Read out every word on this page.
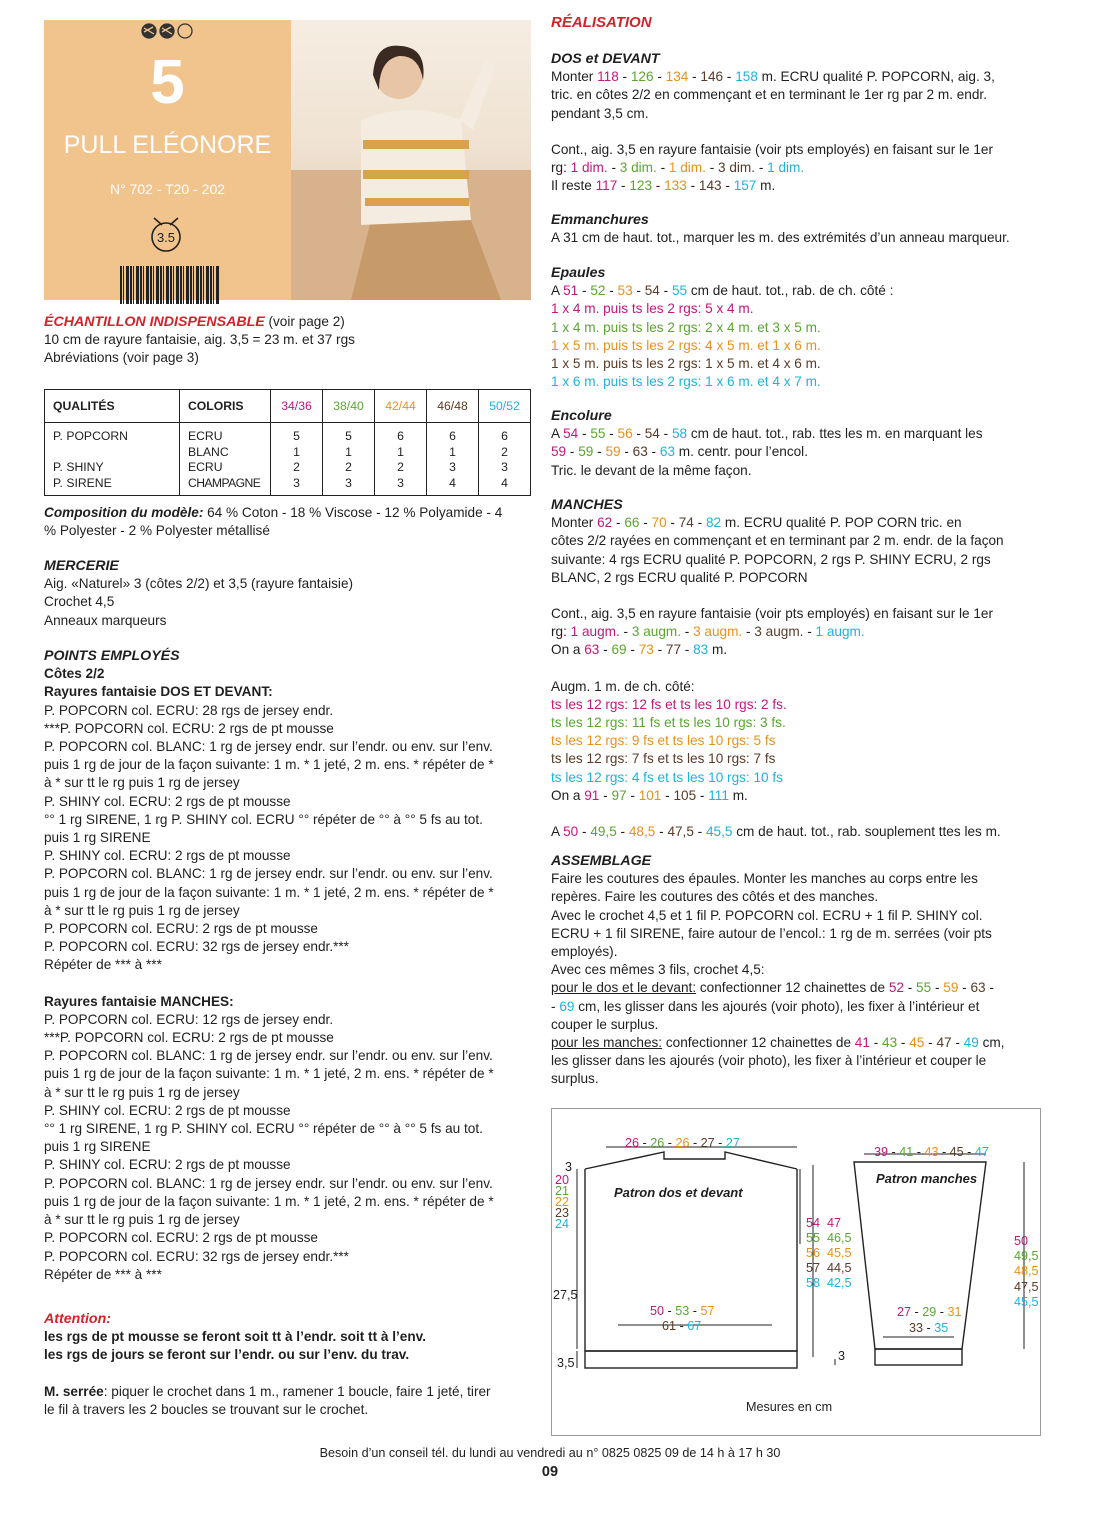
5
PULL ELÉONORE
N° 702 - T20 - 202
3.5

ÉCHANTILLON INDISPENSABLE (voir page 2)

10 cm de rayure fantaisie, aig. 3,5 = 23 m. et 37 rgs

Abréviations (voir page 3)

QUALITÉS	COLORIS	34/36	38/40	42/44	46/48	50/52
P. POPCORN	ECRU	5	5	6	6	6
	BLANC	1	1	1	1	2
P. SHINY	ECRU	2	2	2	3	3
P. SIRENE	CHAMPAGNE	3	3	3	4	4

Composition du modèle: 64 % Coton - 18 % Viscose - 12 % Polyamide - 4

% Polyester - 2 % Polyester métallisé

MERCERIE

Aig. «Naturel» 3 (côtes 2/2) et 3,5 (rayure fantaisie)

Crochet 4,5

Anneaux marqueurs

POINTS EMPLOYÉS

Côtes 2/2

Rayures fantaisie DOS ET DEVANT:

P. POPCORN col. ECRU: 28 rgs de jersey endr.

***P. POPCORN col. ECRU: 2 rgs de pt mousse

P. POPCORN col. BLANC: 1 rg de jersey endr. sur l’endr. ou env. sur l’env.

puis 1 rg de jour de la façon suivante: 1 m. * 1 jeté, 2 m. ens. * répéter de *

à * sur tt le rg puis 1 rg de jersey

P. SHINY col. ECRU: 2 rgs de pt mousse

°° 1 rg SIRENE, 1 rg P. SHINY col. ECRU °° répéter de °° à °° 5 fs au tot.

puis 1 rg SIRENE

P. SHINY col. ECRU: 2 rgs de pt mousse

P. POPCORN col. BLANC: 1 rg de jersey endr. sur l’endr. ou env. sur l’env.

puis 1 rg de jour de la façon suivante: 1 m. * 1 jeté, 2 m. ens. * répéter de *

à * sur tt le rg puis 1 rg de jersey

P. POPCORN col. ECRU: 2 rgs de pt mousse

P. POPCORN col. ECRU: 32 rgs de jersey endr.***

Répéter de *** à ***

Rayures fantaisie MANCHES:

P. POPCORN col. ECRU: 12 rgs de jersey endr.

***P. POPCORN col. ECRU: 2 rgs de pt mousse

P. POPCORN col. BLANC: 1 rg de jersey endr. sur l’endr. ou env. sur l’env.

puis 1 rg de jour de la façon suivante: 1 m. * 1 jeté, 2 m. ens. * répéter de *

à * sur tt le rg puis 1 rg de jersey

P. SHINY col. ECRU: 2 rgs de pt mousse

°° 1 rg SIRENE, 1 rg P. SHINY col. ECRU °° répéter de °° à °° 5 fs au tot.

puis 1 rg SIRENE

P. SHINY col. ECRU: 2 rgs de pt mousse

P. POPCORN col. BLANC: 1 rg de jersey endr. sur l’endr. ou env. sur l’env.

puis 1 rg de jour de la façon suivante: 1 m. * 1 jeté, 2 m. ens. * répéter de *

à * sur tt le rg puis 1 rg de jersey

P. POPCORN col. ECRU: 2 rgs de pt mousse

P. POPCORN col. ECRU: 32 rgs de jersey endr.***

Répéter de *** à ***

Attention:

les rgs de pt mousse se feront soit tt à l’endr. soit tt à l’env.

les rgs de jours se feront sur l’endr. ou sur l’env. du trav.

M. serrée: piquer le crochet dans 1 m., ramener 1 boucle, faire 1 jeté, tirer

le fil à travers les 2 boucles se trouvant sur le crochet.

RÉALISATION

DOS et DEVANT

Monter 118 - 126 - 134 - 146 - 158 m. ECRU qualité P. POPCORN, aig. 3,

tric. en côtes 2/2 en commençant et en terminant le 1er rg par 2 m. endr.

pendant 3,5 cm.

Cont., aig. 3,5 en rayure fantaisie (voir pts employés) en faisant sur le 1er

rg: 1 dim. - 3 dim. - 1 dim. - 3 dim. - 1 dim.

Il reste 117 - 123 - 133 - 143 - 157 m.

Emmanchures

A 31 cm de haut. tot., marquer les m. des extrémités d’un anneau marqueur.

Epaules

A 51 - 52 - 53 - 54 - 55 cm de haut. tot., rab. de ch. côté :

1 x 4 m. puis ts les 2 rgs: 5 x 4 m.

1 x 4 m. puis ts les 2 rgs: 2 x 4 m. et 3 x 5 m.

1 x 5 m. puis ts les 2 rgs: 4 x 5 m. et 1 x 6 m.

1 x 5 m. puis ts les 2 rgs: 1 x 5 m. et 4 x 6 m.

1 x 6 m. puis ts les 2 rgs: 1 x 6 m. et 4 x 7 m.

Encolure

A 54 - 55 - 56 - 54 - 58 cm de haut. tot., rab. ttes les m. en marquant les

59 - 59 - 59 - 63 - 63 m. centr. pour l’encol.

Tric. le devant de la même façon.

MANCHES

Monter 62 - 66 - 70 - 74 - 82 m. ECRU qualité P. POP CORN tric. en

côtes 2/2 rayées en commençant et en terminant par 2 m. endr. de la façon

suivante: 4 rgs ECRU qualité P. POPCORN, 2 rgs P. SHINY ECRU, 2 rgs

BLANC, 2 rgs ECRU qualité P. POPCORN

Cont., aig. 3,5 en rayure fantaisie (voir pts employés) en faisant sur le 1er

rg: 1 augm. - 3 augm. - 3 augm. - 3 augm. - 1 augm.

On a 63 - 69 - 73 - 77 - 83 m.

Augm. 1 m. de ch. côté:

ts les 12 rgs: 12 fs et ts les 10 rgs: 2 fs.

ts les 12 rgs: 11 fs et ts les 10 rgs: 3 fs.

ts les 12 rgs: 9 fs et ts les 10 rgs: 5 fs

ts les 12 rgs: 7 fs et ts les 10 rgs: 7 fs

ts les 12 rgs: 4 fs et ts les 10 rgs: 10 fs

On a 91 - 97 - 101 - 105 - 111 m.

A 50 - 49,5 - 48,5 - 47,5 - 45,5 cm de haut. tot., rab. souplement ttes les m.

ASSEMBLAGE

Faire les coutures des épaules. Monter les manches au corps entre les

repères. Faire les coutures des côtés et des manches.

Avec le crochet 4,5 et 1 fil P. POPCORN col. ECRU + 1 fil P. SHINY col.

ECRU + 1 fil SIRENE, faire autour de l’encol.: 1 rg de m. serrées (voir pts

employés).

Avec ces mêmes 3 fils, crochet 4,5:

pour le dos et le devant: confectionner 12 chainettes de 52 - 55 - 59 - 63 -

- 69 cm, les glisser dans les ajourés (voir photo), les fixer à l’intérieur et

couper le surplus.

pour les manches: confectionner 12 chainettes de 41 - 43 - 45 - 47 - 49 cm,

les glisser dans les ajourés (voir photo), les fixer à l’intérieur et couper le

surplus.

26 - 26 - 26 - 27 - 27
3
20
21
22
23
24
Patron dos et devant
27,5
3,5
50 - 53 - 57
61 - 67
54
55
56
57
58
47
46,5
45,5
44,5
42,5
39 - 41 - 43 - 45 - 47
Patron manches
50
49,5
48,5
47,5
45,5
27 - 29 - 31
33 - 35
3
Mesures en cm
Besoin d’un conseil tél. du lundi au vendredi au n° 0825 0825 09 de 14 h à 17 h 30
09
